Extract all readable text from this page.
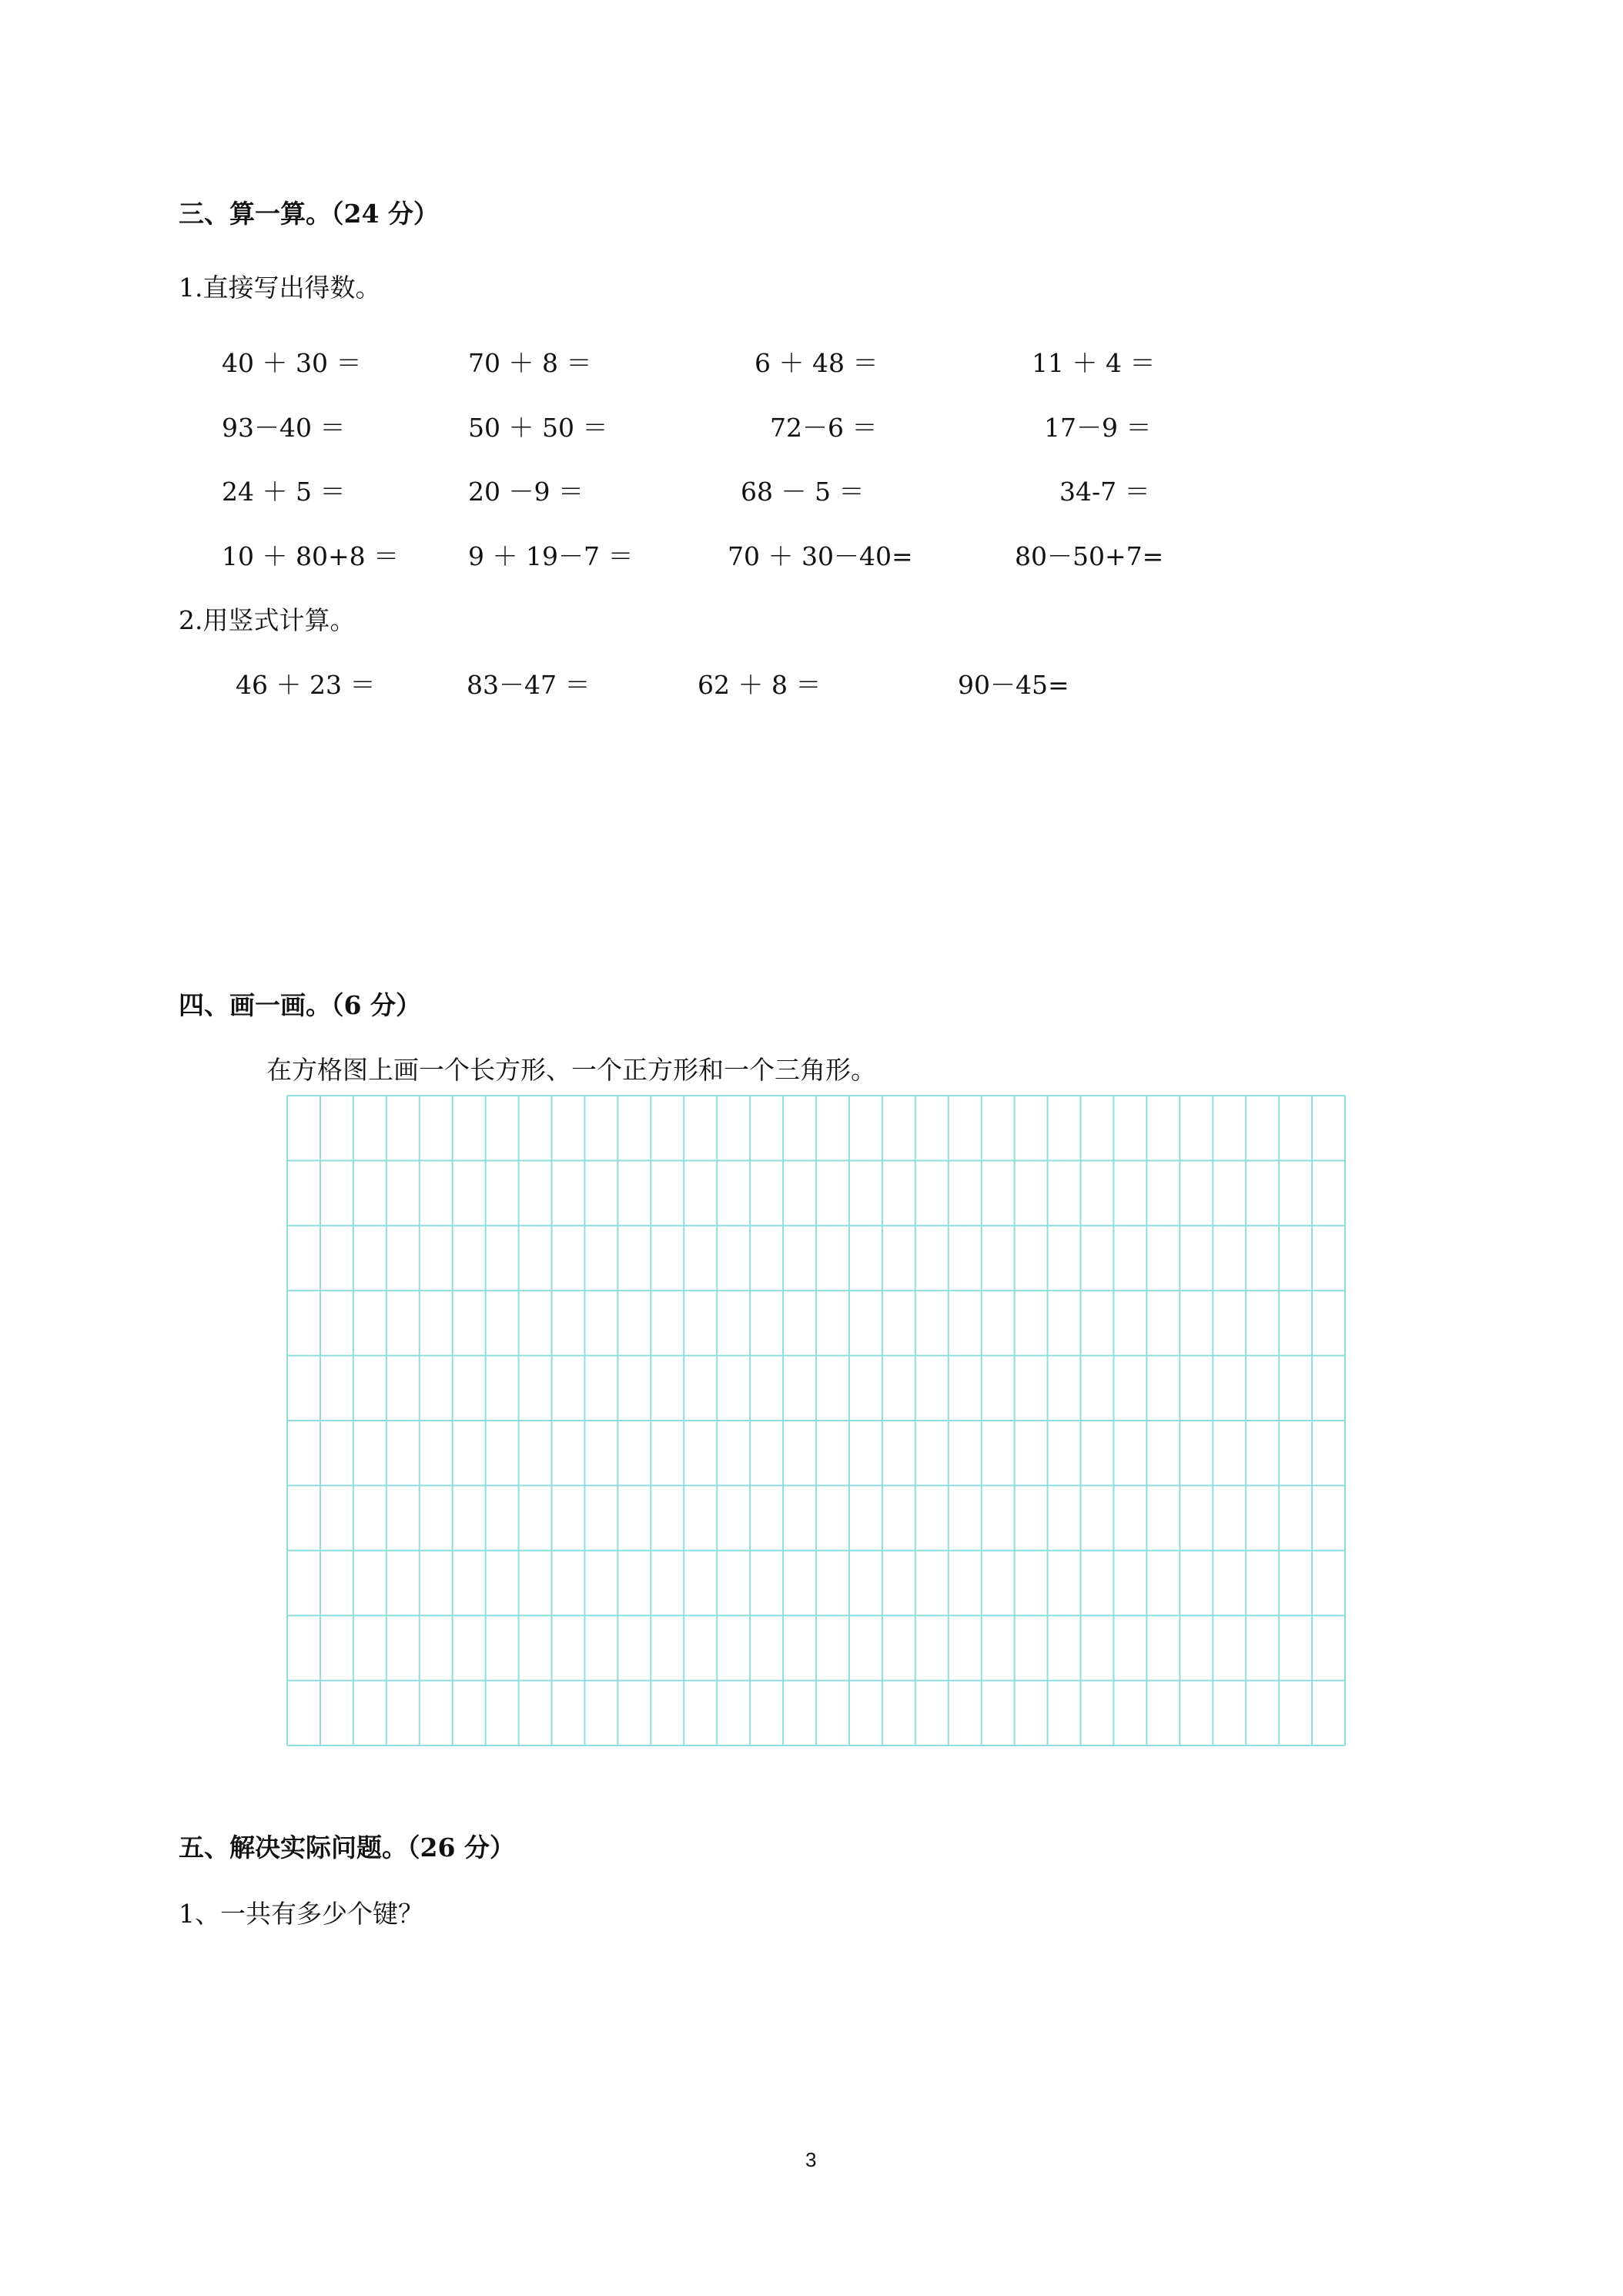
三、算一算。（24 分）
1.直接写出得数。
40 ＋ 30 ＝	70 ＋ 8 ＝	6 ＋ 48 ＝	11 ＋ 4 ＝
93－40 ＝	50 ＋ 50 ＝	72－6 ＝	17－9 ＝
24 ＋ 5 ＝	20 －9 ＝	68 － 5 ＝	34-7 ＝
10 ＋ 80+8 ＝	9 ＋ 19－7 ＝	70 ＋ 30－40=	80－50+7=
2.用竖式计算。
46 ＋ 23 ＝	83－47 ＝	62 ＋ 8 ＝	90－45=
四、画一画。（6 分）
在方格图上画一个长方形、一个正方形和一个三角形。
五、解决实际问题。（26 分）
1、一共有多少个键？
3
